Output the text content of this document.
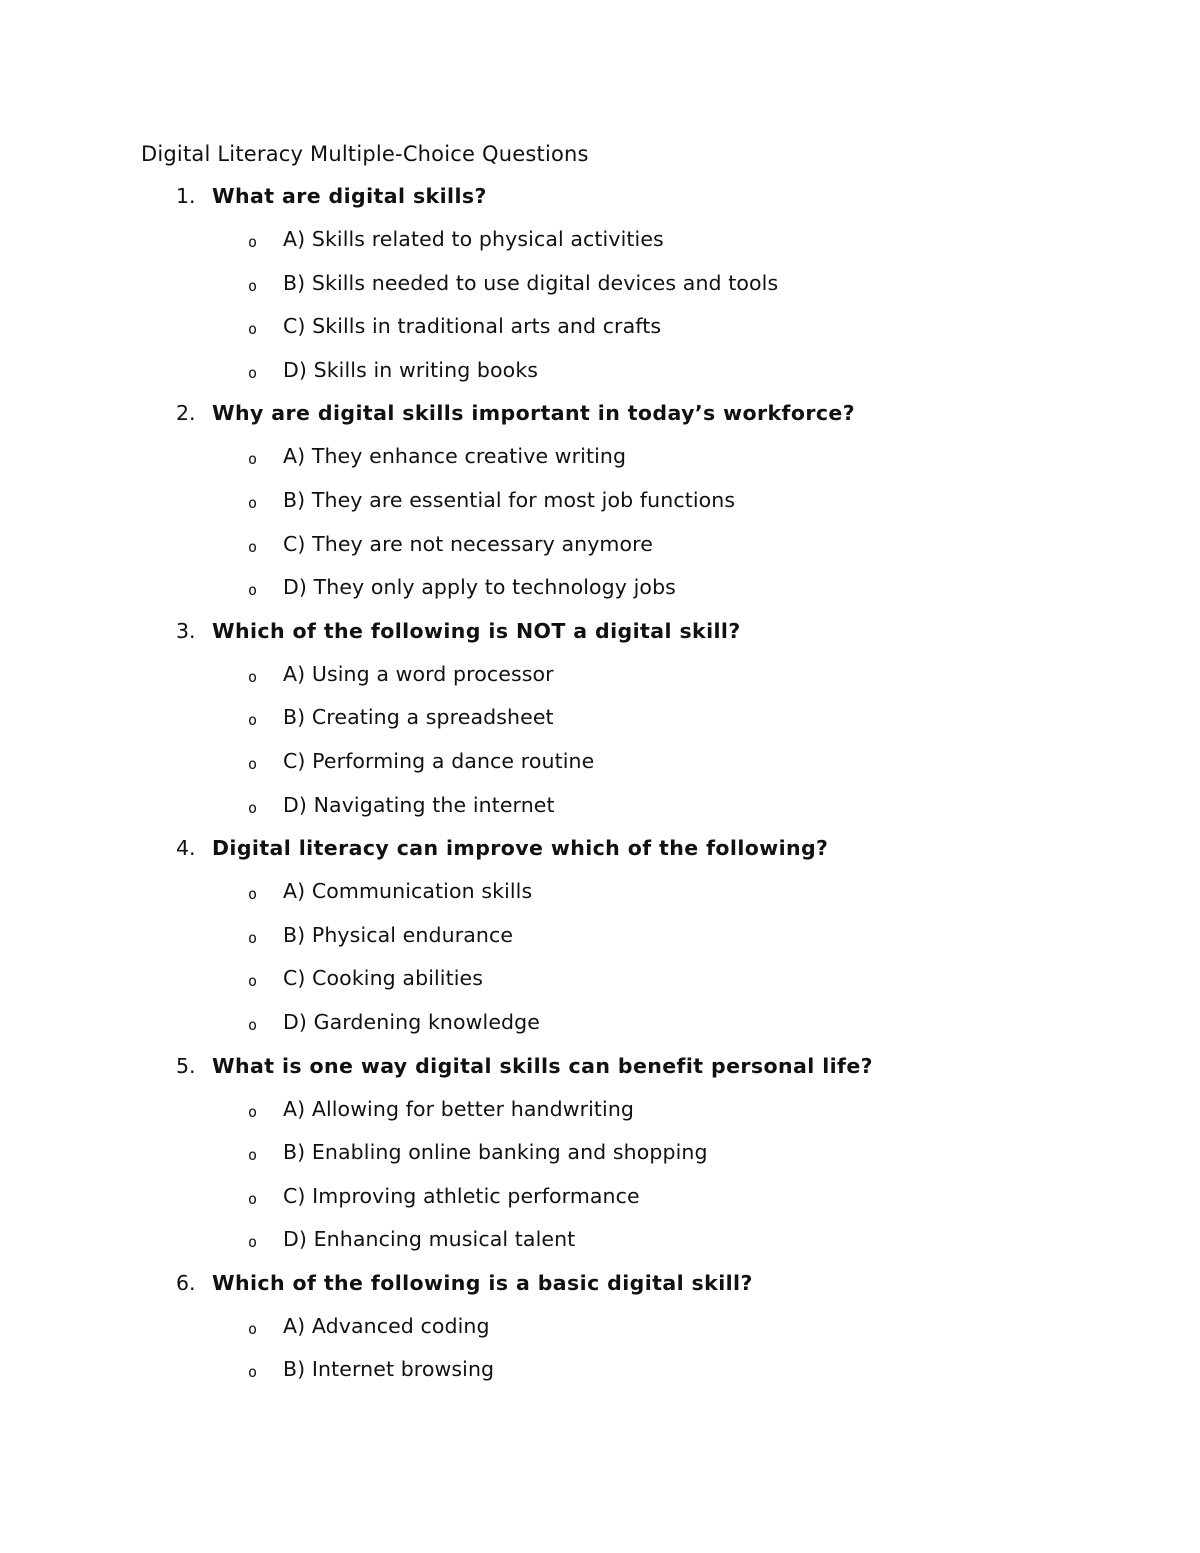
Digital Literacy Multiple-Choice Questions
1. What are digital skills?
o A) Skills related to physical activities
o B) Skills needed to use digital devices and tools
o C) Skills in traditional arts and crafts
o D) Skills in writing books
2. Why are digital skills important in today’s workforce?
o A) They enhance creative writing
o B) They are essential for most job functions
o C) They are not necessary anymore
o D) They only apply to technology jobs
3. Which of the following is NOT a digital skill?
o A) Using a word processor
o B) Creating a spreadsheet
o C) Performing a dance routine
o D) Navigating the internet
4. Digital literacy can improve which of the following?
o A) Communication skills
o B) Physical endurance
o C) Cooking abilities
o D) Gardening knowledge
5. What is one way digital skills can benefit personal life?
o A) Allowing for better handwriting
o B) Enabling online banking and shopping
o C) Improving athletic performance
o D) Enhancing musical talent
6. Which of the following is a basic digital skill?
o A) Advanced coding
o B) Internet browsing
